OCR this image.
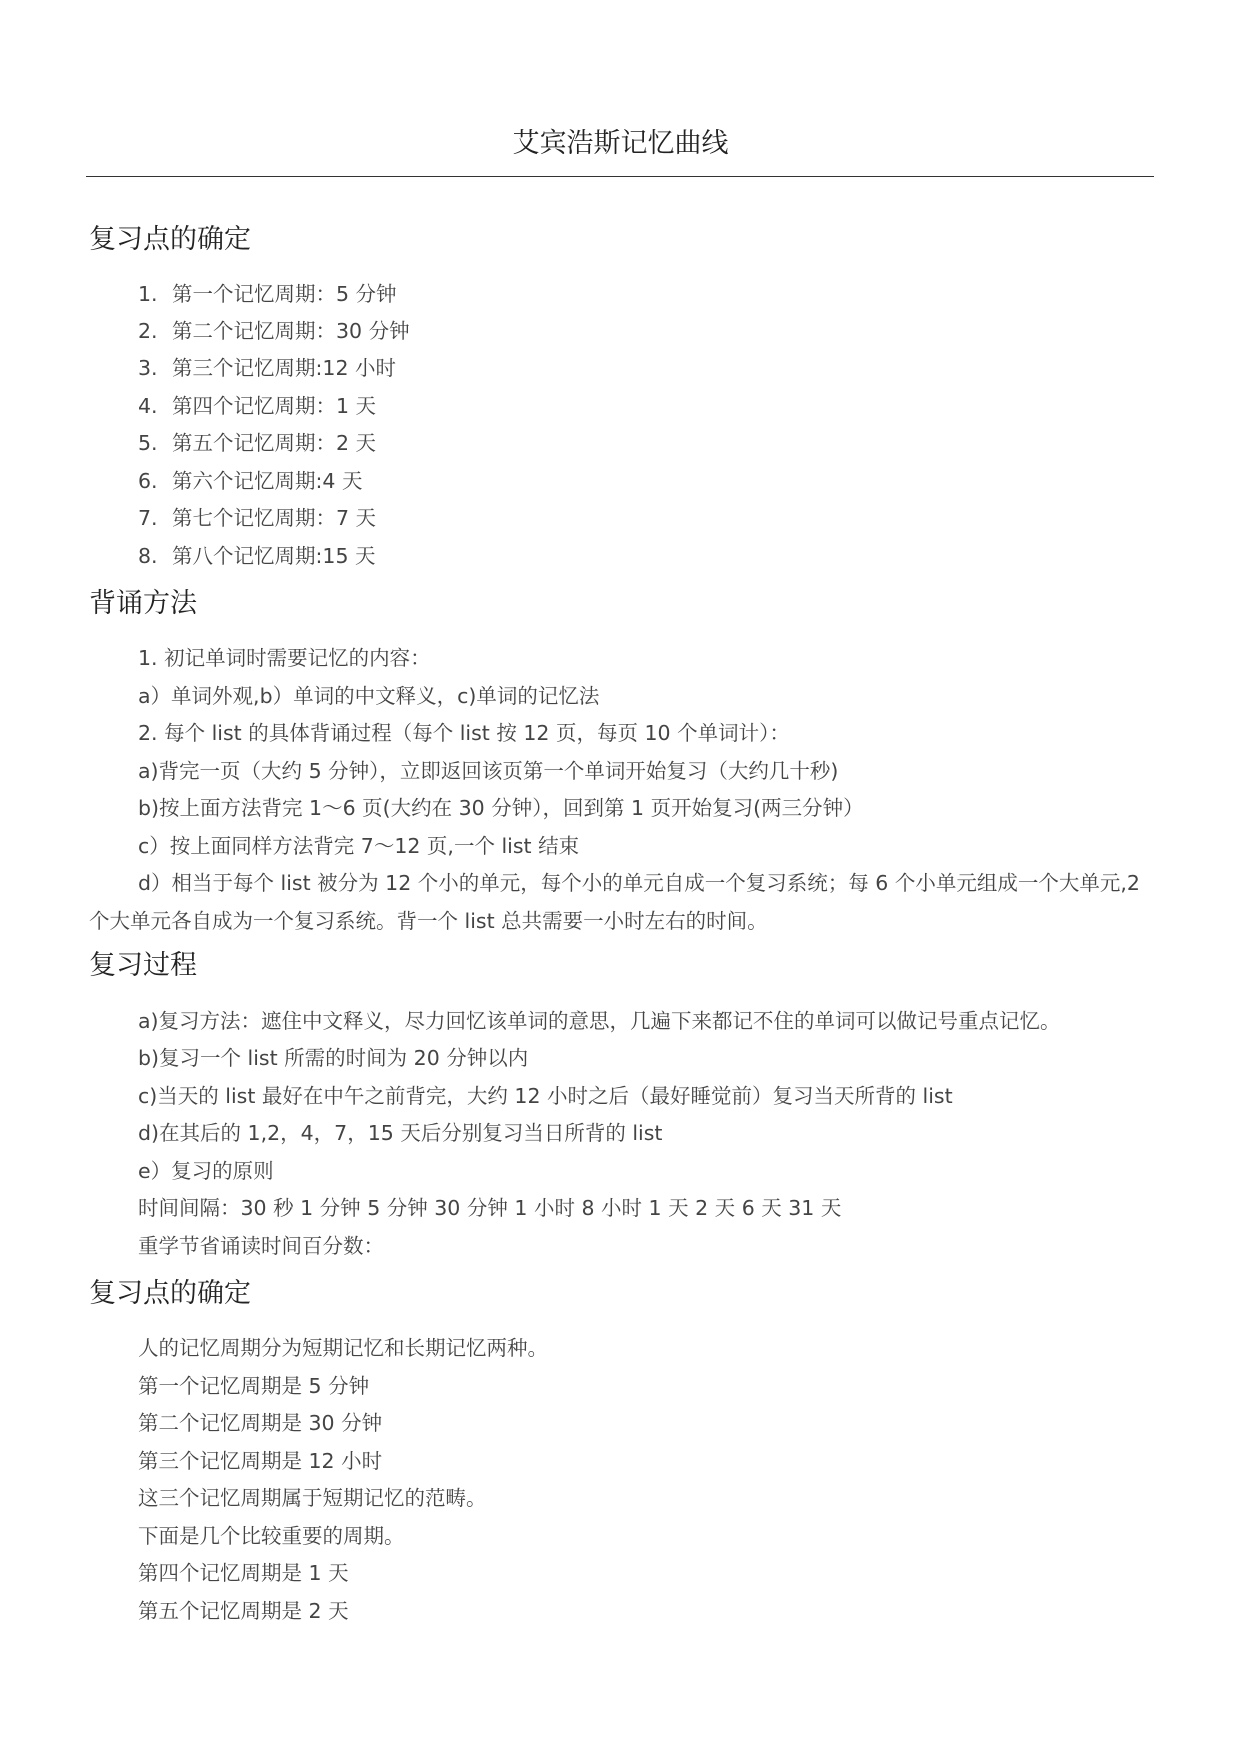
艾宾浩斯记忆曲线
复习点的确定

1. 第一个记忆周期：5 分钟

2. 第二个记忆周期：30 分钟

3. 第三个记忆周期:12 小时

4. 第四个记忆周期：1 天

5. 第五个记忆周期：2 天

6. 第六个记忆周期:4 天

7. 第七个记忆周期：7 天

8. 第八个记忆周期:15 天

背诵方法

1. 初记单词时需要记忆的内容：

a）单词外观,b）单词的中文释义，c)单词的记忆法

2. 每个 list 的具体背诵过程（每个 list 按 12 页，每页 10 个单词计）：

a)背完一页（大约 5 分钟），立即返回该页第一个单词开始复习（大约几十秒)

b)按上面方法背完 1～6 页(大约在 30 分钟），回到第 1 页开始复习(两三分钟）

c）按上面同样方法背完 7～12 页,一个 list 结束

d）相当于每个 list 被分为 12 个小的单元，每个小的单元自成一个复习系统；每 6 个小单元组成一个大单元,2 个大单元各自成为一个复习系统。背一个 list 总共需要一小时左右的时间。

复习过程

a)复习方法：遮住中文释义，尽力回忆该单词的意思，几遍下来都记不住的单词可以做记号重点记忆。

b)复习一个 list 所需的时间为 20 分钟以内

c)当天的 list 最好在中午之前背完，大约 12 小时之后（最好睡觉前）复习当天所背的 list

d)在其后的 1,2，4，7，15 天后分别复习当日所背的 list

e）复习的原则

时间间隔：30 秒 1 分钟 5 分钟 30 分钟 1 小时 8 小时 1 天 2 天 6 天 31 天

重学节省诵读时间百分数：

复习点的确定

人的记忆周期分为短期记忆和长期记忆两种。

第一个记忆周期是 5 分钟

第二个记忆周期是 30 分钟

第三个记忆周期是 12 小时

这三个记忆周期属于短期记忆的范畴。

下面是几个比较重要的周期。

第四个记忆周期是 1 天

第五个记忆周期是 2 天
